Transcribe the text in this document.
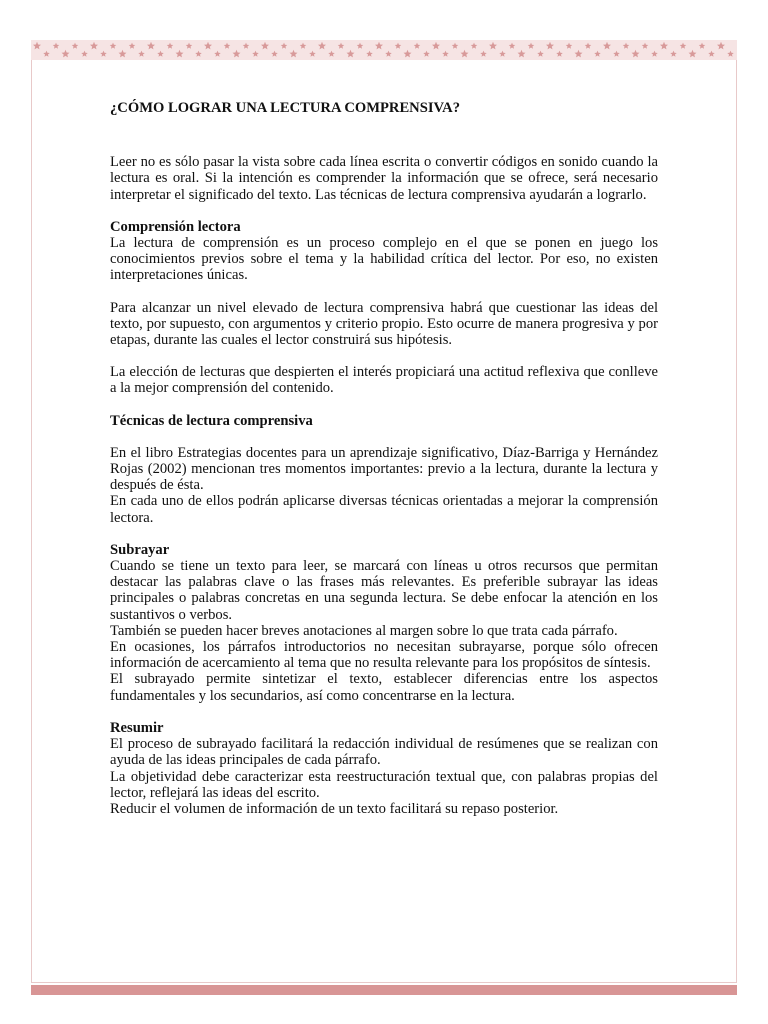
¿CÓMO LOGRAR UNA LECTURA COMPRENSIVA?

Leer no es sólo pasar la vista sobre cada línea escrita o convertir códigos en sonido cuando la lectura es oral. Si la intención es comprender la información que se ofrece, será necesario interpretar el significado del texto. Las técnicas de lectura comprensiva ayudarán a lograrlo.

Comprensión lectora

La lectura de comprensión es un proceso complejo en el que se ponen en juego los conocimientos previos sobre el tema y la habilidad crítica del lector. Por eso, no existen interpretaciones únicas.

Para alcanzar un nivel elevado de lectura comprensiva habrá que cuestionar las ideas del texto, por supuesto, con argumentos y criterio propio. Esto ocurre de manera progresiva y por etapas, durante las cuales el lector construirá sus hipótesis.

La elección de lecturas que despierten el interés propiciará una actitud reflexiva que conlleve a la mejor comprensión del contenido.

Técnicas de lectura comprensiva

En el libro Estrategias docentes para un aprendizaje significativo, Díaz-Barriga y Hernández Rojas (2002) mencionan tres momentos importantes: previo a la lectura, durante la lectura y después de ésta.

En cada uno de ellos podrán aplicarse diversas técnicas orientadas a mejorar la comprensión lectora.

Subrayar

Cuando se tiene un texto para leer, se marcará con líneas u otros recursos que permitan destacar las palabras clave o las frases más relevantes. Es preferible subrayar las ideas principales o palabras concretas en una segunda lectura. Se debe enfocar la atención en los sustantivos o verbos.

También se pueden hacer breves anotaciones al margen sobre lo que trata cada párrafo.

En ocasiones, los párrafos introductorios no necesitan subrayarse, porque sólo ofrecen información de acercamiento al tema que no resulta relevante para los propósitos de síntesis.

El subrayado permite sintetizar el texto, establecer diferencias entre los aspectos fundamentales y los secundarios, así como concentrarse en la lectura.

Resumir

El proceso de subrayado facilitará la redacción individual de resúmenes que se realizan con ayuda de las ideas principales de cada párrafo.

La objetividad debe caracterizar esta reestructuración textual que, con palabras propias del lector, reflejará las ideas del escrito.

Reducir el volumen de información de un texto facilitará su repaso posterior.
